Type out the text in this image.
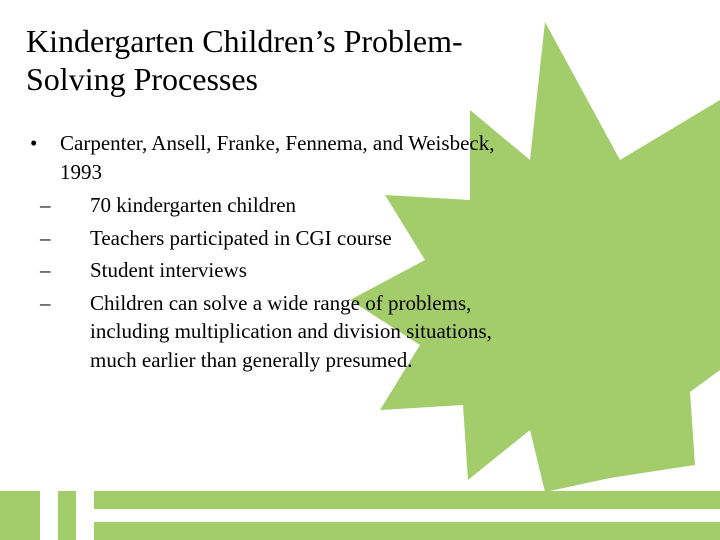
Kindergarten Children’s Problem-
Solving Processes
• Carpenter, Ansell, Franke, Fennema, and Weisbeck, 1993
– 70 kindergarten children
– Teachers participated in CGI course
– Student interviews
– Children can solve a wide range of problems, including multiplication and division situations, much earlier than generally presumed.
